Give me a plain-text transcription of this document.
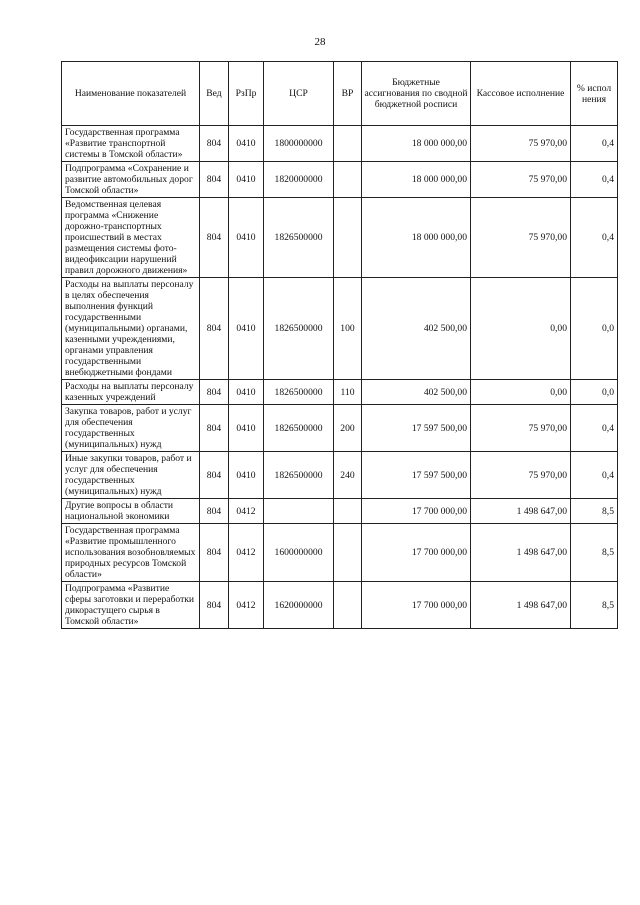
28
Наименование показателей	Вед	РзПр	ЦСР	ВР	Бюджетные ассигнования по сводной бюджетной росписи	Кассовое исполнение	% испол нения
Государственная программа «Развитие транспортной системы в Томской области»	804	0410	1800000000		18 000 000,00	75 970,00	0,4
Подпрограмма «Сохранение и развитие автомобильных дорог Томской области»	804	0410	1820000000		18 000 000,00	75 970,00	0,4
Ведомственная целевая программа «Снижение дорожно-транспортных происшествий в местах размещения системы фото-видеофиксации нарушений правил дорожного движения»	804	0410	1826500000		18 000 000,00	75 970,00	0,4
Расходы на выплаты персоналу в целях обеспечения выполнения функций государственными (муниципальными) органами, казенными учреждениями, органами управления государственными внебюджетными фондами	804	0410	1826500000	100	402 500,00	0,00	0,0
Расходы на выплаты персоналу казенных учреждений	804	0410	1826500000	110	402 500,00	0,00	0,0
Закупка товаров, работ и услуг для обеспечения государственных (муниципальных) нужд	804	0410	1826500000	200	17 597 500,00	75 970,00	0,4
Иные закупки товаров, работ и услуг для обеспечения государственных (муниципальных) нужд	804	0410	1826500000	240	17 597 500,00	75 970,00	0,4
Другие вопросы в области национальной экономики	804	0412			17 700 000,00	1 498 647,00	8,5
Государственная программа «Развитие промышленного использования возобновляемых природных ресурсов Томской области»	804	0412	1600000000		17 700 000,00	1 498 647,00	8,5
Подпрограмма «Развитие сферы заготовки и переработки дикорастущего сырья в Томской области»	804	0412	1620000000		17 700 000,00	1 498 647,00	8,5
